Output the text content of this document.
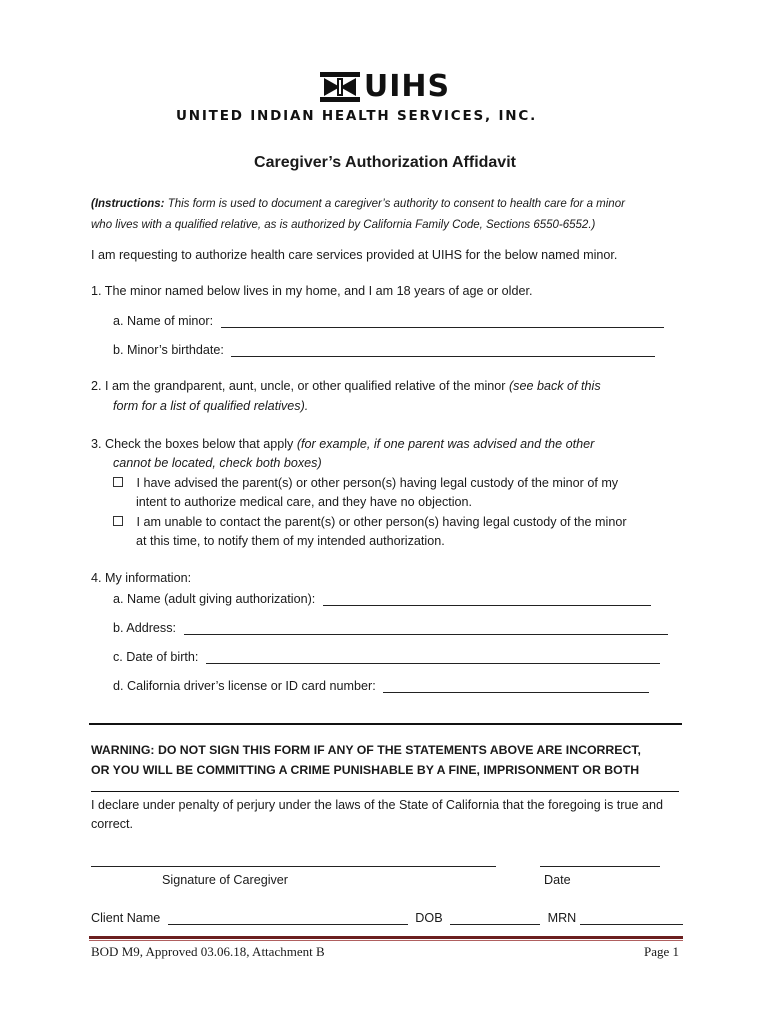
UIHS
UNITED INDIAN HEALTH SERVICES, INC.
Caregiver’s Authorization Affidavit
(Instructions: This form is used to document a caregiver’s authority to consent to health care for a minor
who lives with a qualified relative, as is authorized by California Family Code, Sections 6550-6552.)
I am requesting to authorize health care services provided at UIHS for the below named minor.
1. The minor named below lives in my home, and I am 18 years of age or older.
a. Name of minor:
b. Minor’s birthdate:
2. I am the grandparent, aunt, uncle, or other qualified relative of the minor (see back of this
form for a list of qualified relatives).
3. Check the boxes below that apply (for example, if one parent was advised and the other
cannot be located, check both boxes)
I have advised the parent(s) or other person(s) having legal custody of the minor of my
intent to authorize medical care, and they have no objection.
I am unable to contact the parent(s) or other person(s) having legal custody of the minor
at this time, to notify them of my intended authorization.
4. My information:
a. Name (adult giving authorization):
b. Address:
c. Date of birth:
d. California driver’s license or ID card number:
WARNING: DO NOT SIGN THIS FORM IF ANY OF THE STATEMENTS ABOVE ARE INCORRECT,
OR YOU WILL BE COMMITTING A CRIME PUNISHABLE BY A FINE, IMPRISONMENT OR BOTH
I declare under penalty of perjury under the laws of the State of California that the foregoing is true and correct.
Signature of Caregiver	Date
Client Name	DOB	MRN
BOD M9, Approved 03.06.18, Attachment B	Page 1
